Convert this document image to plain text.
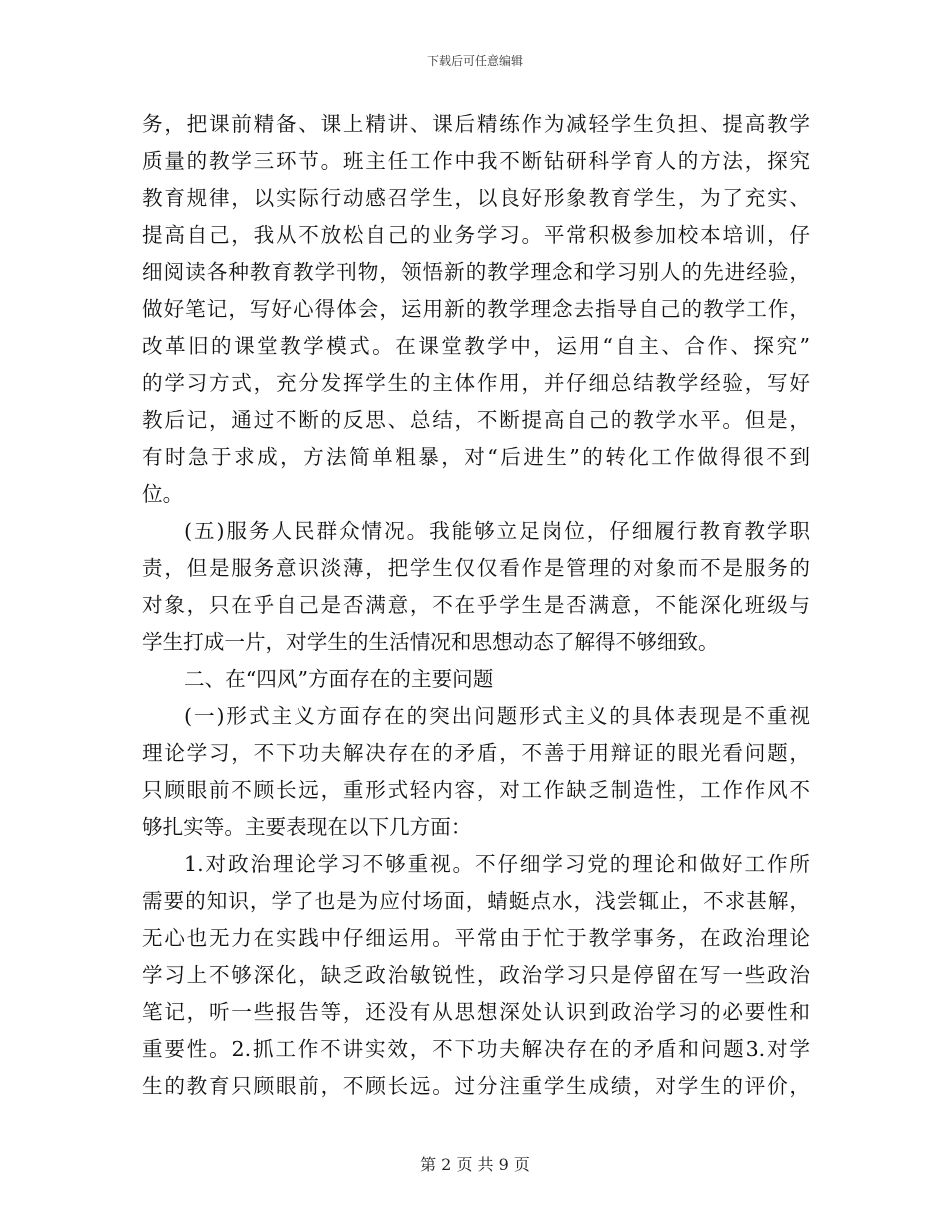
下载后可任意编辑
务，把课前精备、课上精讲、课后精练作为减轻学生负担、提高教学
质量的教学三环节。班主任工作中我不断钻研科学育人的方法，探究
教育规律，以实际行动感召学生，以良好形象教育学生，为了充实、
提高自己，我从不放松自己的业务学习。平常积极参加校本培训，仔
细阅读各种教育教学刊物，领悟新的教学理念和学习别人的先进经验，
做好笔记，写好心得体会，运用新的教学理念去指导自己的教学工作，
改革旧的课堂教学模式。在课堂教学中，运用“自主、合作、探究”
的学习方式，充分发挥学生的主体作用，并仔细总结教学经验，写好
教后记，通过不断的反思、总结，不断提高自己的教学水平。但是，
有时急于求成，方法简单粗暴，对“后进生”的转化工作做得很不到
位。
(五)服务人民群众情况。我能够立足岗位，仔细履行教育教学职
责，但是服务意识淡薄，把学生仅仅看作是管理的对象而不是服务的
对象，只在乎自己是否满意，不在乎学生是否满意，不能深化班级与
学生打成一片，对学生的生活情况和思想动态了解得不够细致。
二、在“四风”方面存在的主要问题
(一)形式主义方面存在的突出问题形式主义的具体表现是不重视
理论学习，不下功夫解决存在的矛盾，不善于用辩证的眼光看问题，
只顾眼前不顾长远，重形式轻内容，对工作缺乏制造性，工作作风不
够扎实等。主要表现在以下几方面：
1.对政治理论学习不够重视。不仔细学习党的理论和做好工作所
需要的知识，学了也是为应付场面，蜻蜓点水，浅尝辄止，不求甚解，
无心也无力在实践中仔细运用。平常由于忙于教学事务，在政治理论
学习上不够深化，缺乏政治敏锐性，政治学习只是停留在写一些政治
笔记，听一些报告等，还没有从思想深处认识到政治学习的必要性和
重要性。2.抓工作不讲实效，不下功夫解决存在的矛盾和问题3.对学
生的教育只顾眼前，不顾长远。过分注重学生成绩，对学生的评价，
第 2 页 共 9 页
